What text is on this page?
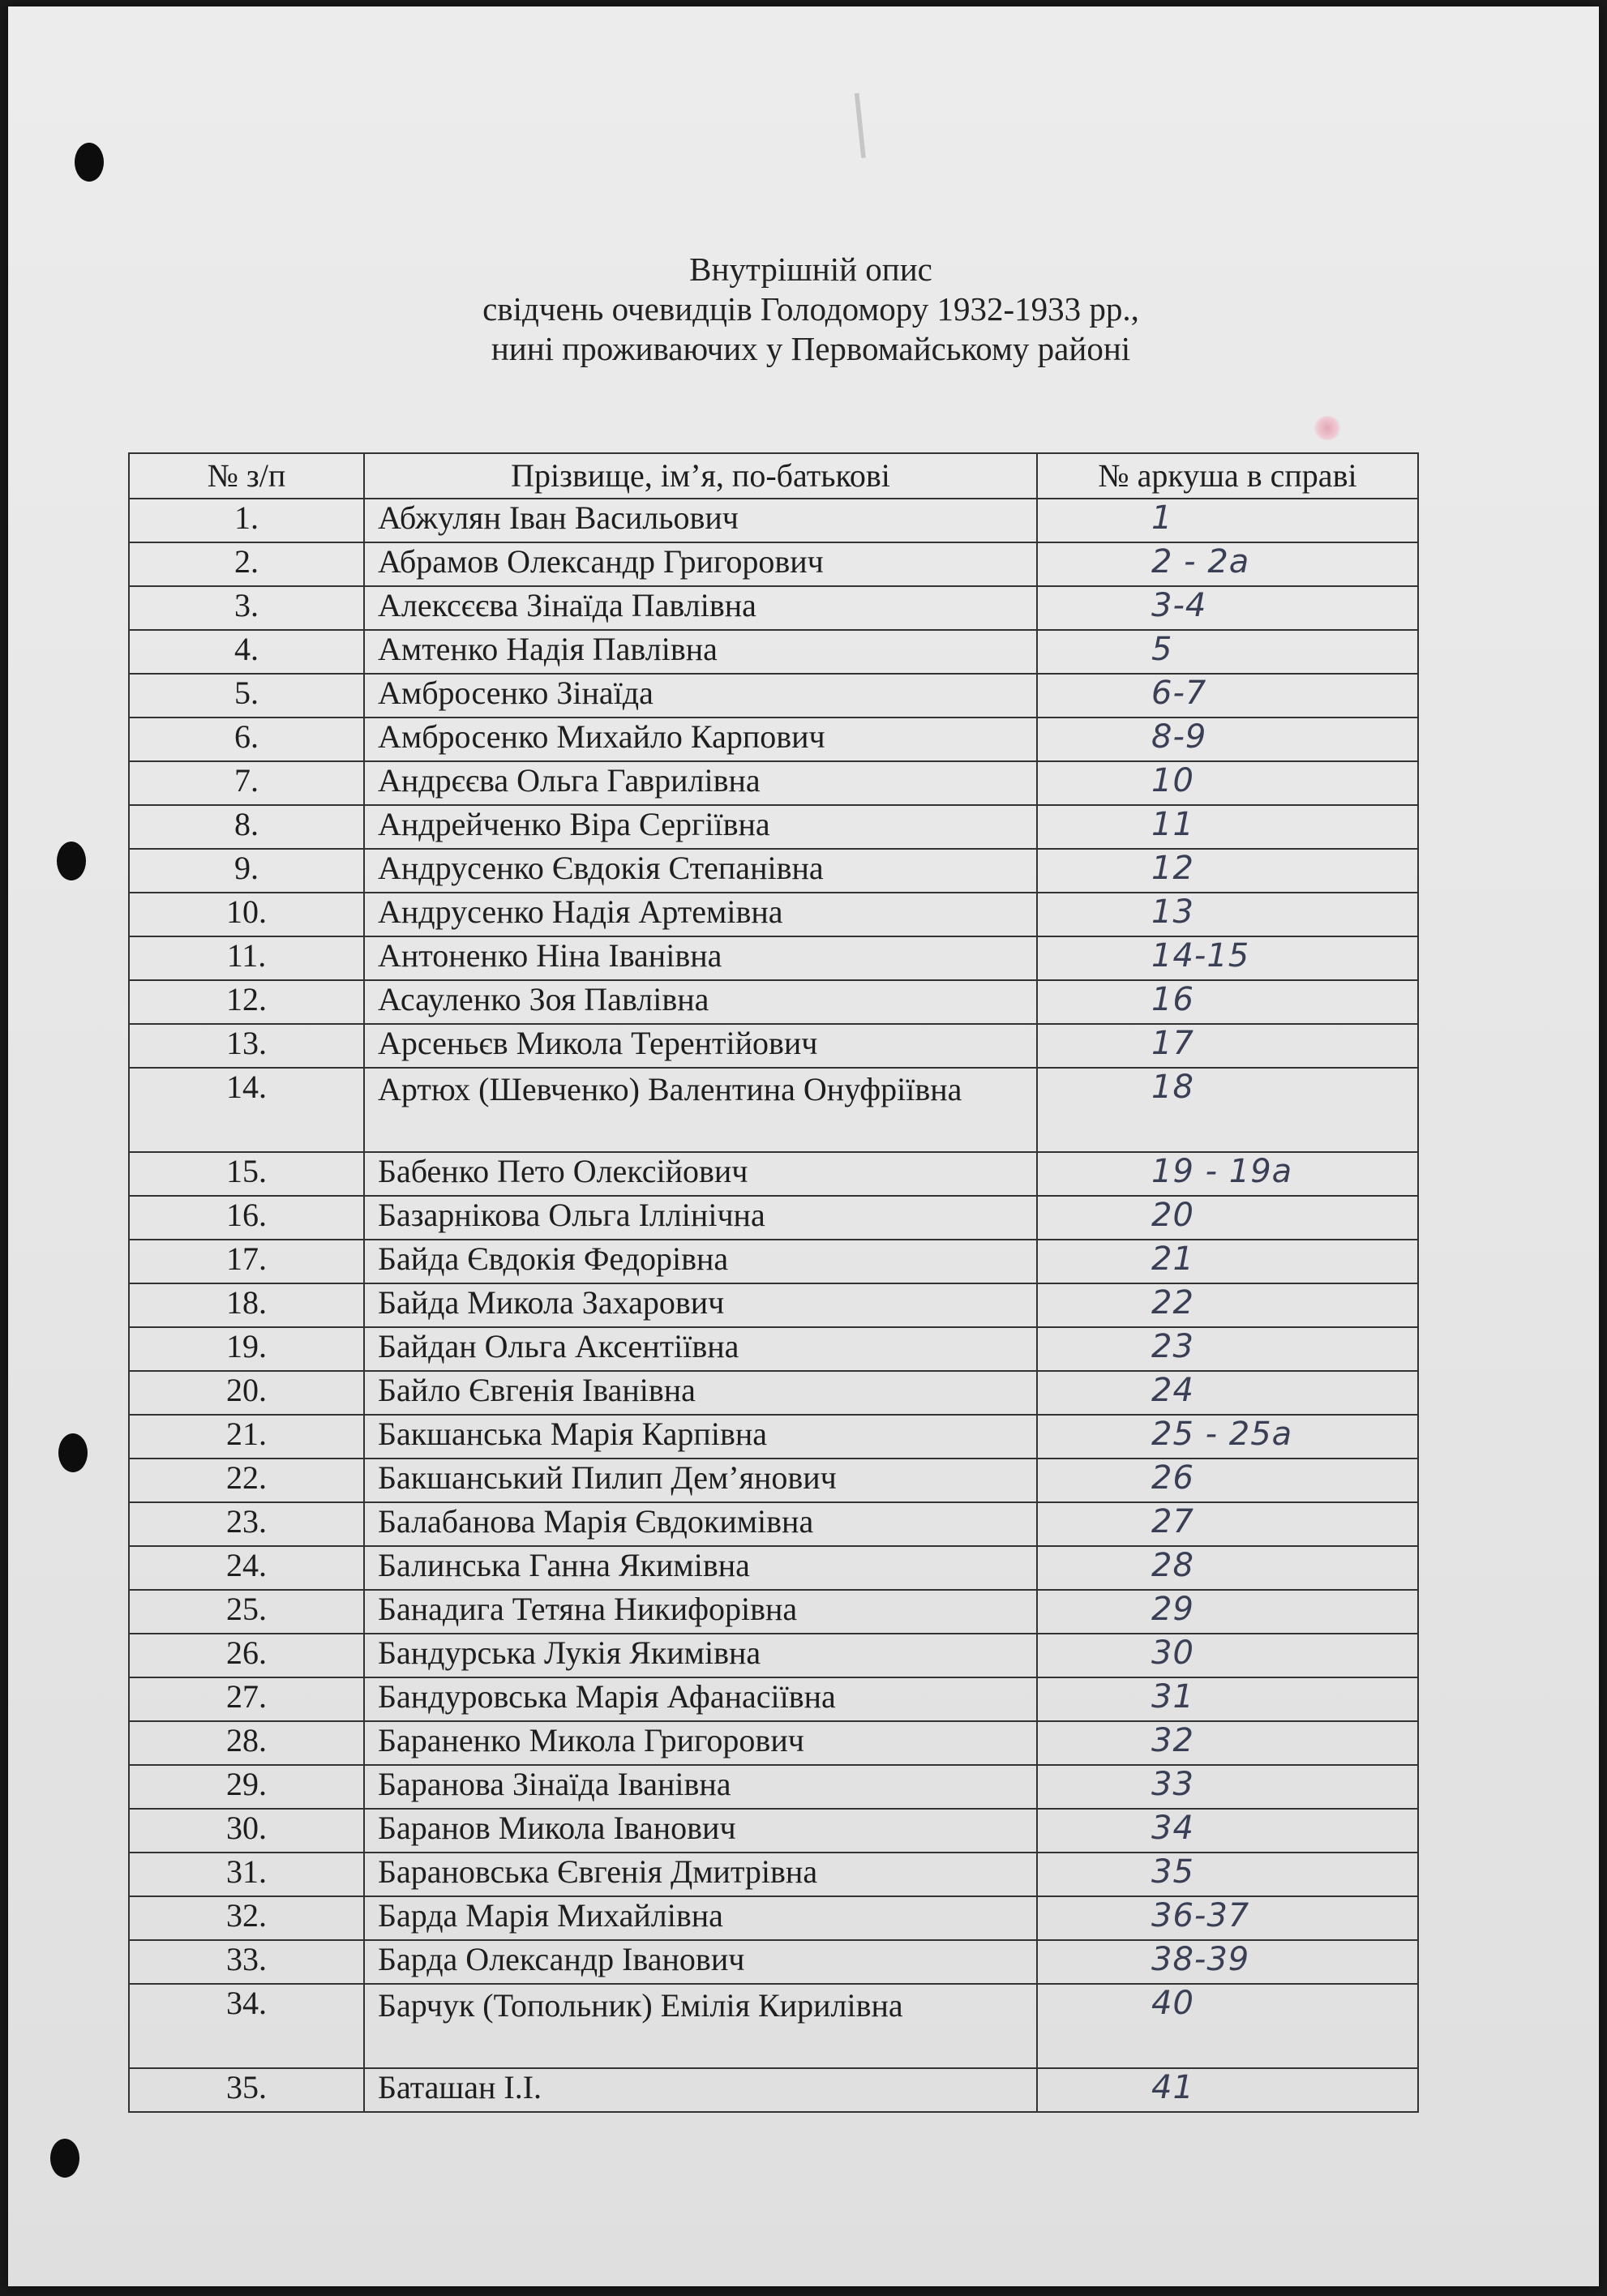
I
Внутрішній опис
свідчень очевидців Голодомору 1932-1933 рр.,
нині проживаючих у Первомайському районі
№ з/п	Прізвище, ім’я, по-батькові	№ аркуша в справі
1.	Абжулян Іван Васильович	1
2.	Абрамов Олександр Григорович	2 - 2а
3.	Алексєєва Зінаїда Павлівна	3-4
4.	Амтенко Надія Павлівна	5
5.	Амбросенко Зінаїда	6-7
6.	Амбросенко Михайло Карпович	8-9
7.	Андрєєва Ольга Гаврилівна	10
8.	Андрейченко Віра Сергіївна	11
9.	Андрусенко Євдокія Степанівна	12
10.	Андрусенко Надія Артемівна	13
11.	Антоненко Ніна Іванівна	14-15
12.	Асауленко Зоя Павлівна	16
13.	Арсеньєв Микола Терентійович	17
14.	Артюх (Шевченко) Валентина Онуфріївна	18
15.	Бабенко Пето Олексійович	19 - 19а
16.	Базарнікова Ольга Іллінічна	20
17.	Байда Євдокія Федорівна	21
18.	Байда Микола Захарович	22
19.	Байдан Ольга Аксентіївна	23
20.	Байло Євгенія Іванівна	24
21.	Бакшанська Марія Карпівна	25 - 25а
22.	Бакшанський Пилип Дем’янович	26
23.	Балабанова Марія Євдокимівна	27
24.	Балинська Ганна Якимівна	28
25.	Банадига Тетяна Никифорівна	29
26.	Бандурська Лукія Якимівна	30
27.	Бандуровська Марія Афанасіївна	31
28.	Бараненко Микола Григорович	32
29.	Баранова Зінаїда Іванівна	33
30.	Баранов Микола Іванович	34
31.	Барановська Євгенія Дмитрівна	35
32.	Барда Марія Михайлівна	36-37
33.	Барда Олександр Іванович	38-39
34.	Барчук (Топольник) Емілія Кирилівна	40
35.	Баташан І.І.	41
